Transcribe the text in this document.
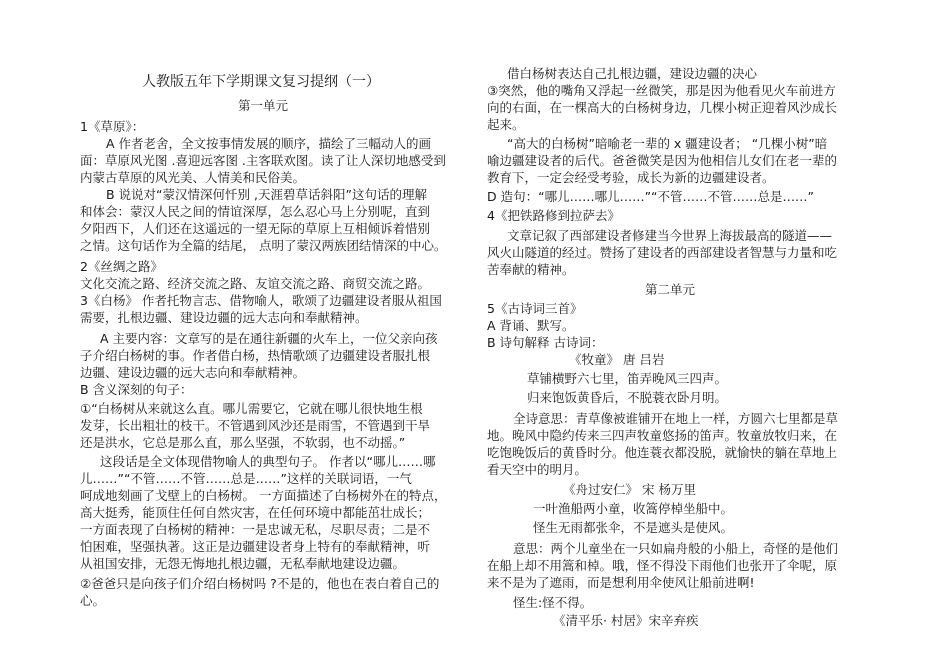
人教版五年下学期课文复习提纲（一）
第一单元
1《草原》：
A 作者老舍，全文按事情发展的顺序，描绘了三幅动人的画
面：草原风光图 .喜迎远客图 .主客联欢图。读了让人深切地感受到
内蒙古草原的风光美、人情美和民俗美。
B 说说对“蒙汉情深何忏别 ,天涯碧草话斜阳”这句话的理解
和体会：蒙汉人民之间的情谊深厚，怎么忍心马上分别呢，直到
夕阳西下，人们还在这遥远的一望无际的草原上互相倾诉着惜别
之情。这句话作为全篇的结尾， 点明了蒙汉两族团结情深的中心。
2《丝绸之路》
文化交流之路、经济交流之路、友谊交流之路、商贸交流之路。
3《白杨》 作者托物言志、借物喻人，歌颂了边疆建设者服从祖国
需要，扎根边疆、建设边疆的远大志向和奉献精神。
A 主要内容：文章写的是在通往新疆的火车上，一位父亲向孩
子介绍白杨树的事。作者借白杨，热情歌颂了边疆建设者服扎根
边疆、建设边疆的远大志向和奉献精神。
B 含义深刻的句子：
①“白杨树从来就这么直。哪儿需要它，它就在哪儿很快地生根
发芽，长出粗壮的枝干。不管遇到风沙还是雨雪，不管遇到干旱
还是洪水，它总是那么直，那么坚强，不软弱，也不动摇。”
这段话是全文体现借物喻人的典型句子。 作者以“哪儿……哪
儿……”“不管……不管……总是……”这样的关联词语，一气
呵成地刻画了戈壁上的白杨树。 一方面描述了白杨树外在的特点，
高大挺秀，能顶住任何自然灾害，在任何环境中都能茁壮成长；
一方面表现了白杨树的精神：一是忠诚无私，尽职尽责；二是不
怕困难，坚强执著。这正是边疆建设者身上特有的奉献精神，听
从祖国安排，无怨无悔地扎根边疆，无私奉献地建设边疆。
②爸爸只是向孩子们介绍白杨树吗 ?不是的，他也在表白着自己的
心。
借白杨树表达自己扎根边疆，建设边疆的决心
③突然，他的嘴角又浮起一丝微笑，那是因为他看见火车前进方
向的右面，在一棵高大的白杨树身边，几棵小树正迎着风沙成长
起来。
“高大的白杨树”暗喻老一辈的 x 疆建设者； “几棵小树”暗
喻边疆建设者的后代。爸爸微笑是因为他相信儿女们在老一辈的
教育下，一定会经受考验，成长为新的边疆建设者。
D 造句：“哪儿……哪儿……”“不管……不管……总是……”
4《把铁路修到拉萨去》
文章记叙了西部建设者修建当今世界上海拔最高的隧道——
风火山隧道的经过。赞扬了建设者的西部建设者智慧与力量和吃
苦奉献的精神。
第二单元
5《古诗词三首》
A 背诵、默写。
B 诗句解释 古诗词：
《牧童》 唐 吕岩
草铺横野六七里，笛弄晚风三四声。
归来饱饭黄昏后，不脱蓑衣卧月明。
全诗意思：青草像被谁铺开在地上一样，方圆六七里都是草
地。晚风中隐约传来三四声牧童悠扬的笛声。牧童放牧归来，在
吃饱晚饭后的黄昏时分。他连蓑衣都没脱，就愉快的躺在草地上
看天空中的明月。
《舟过安仁》 宋 杨万里
一叶渔船两小童，收篙停棹坐船中。
怪生无雨都张伞，不是遮头是使风。
意思：两个儿童坐在一只如扁舟般的小船上，奇怪的是他们
在船上却不用篙和棹。哦，怪不得没下雨他们也张开了伞呢，原
来不是为了遮雨，而是想利用伞使风让船前进啊!
怪生:怪不得。
《清平乐· 村居》宋辛弃疾
